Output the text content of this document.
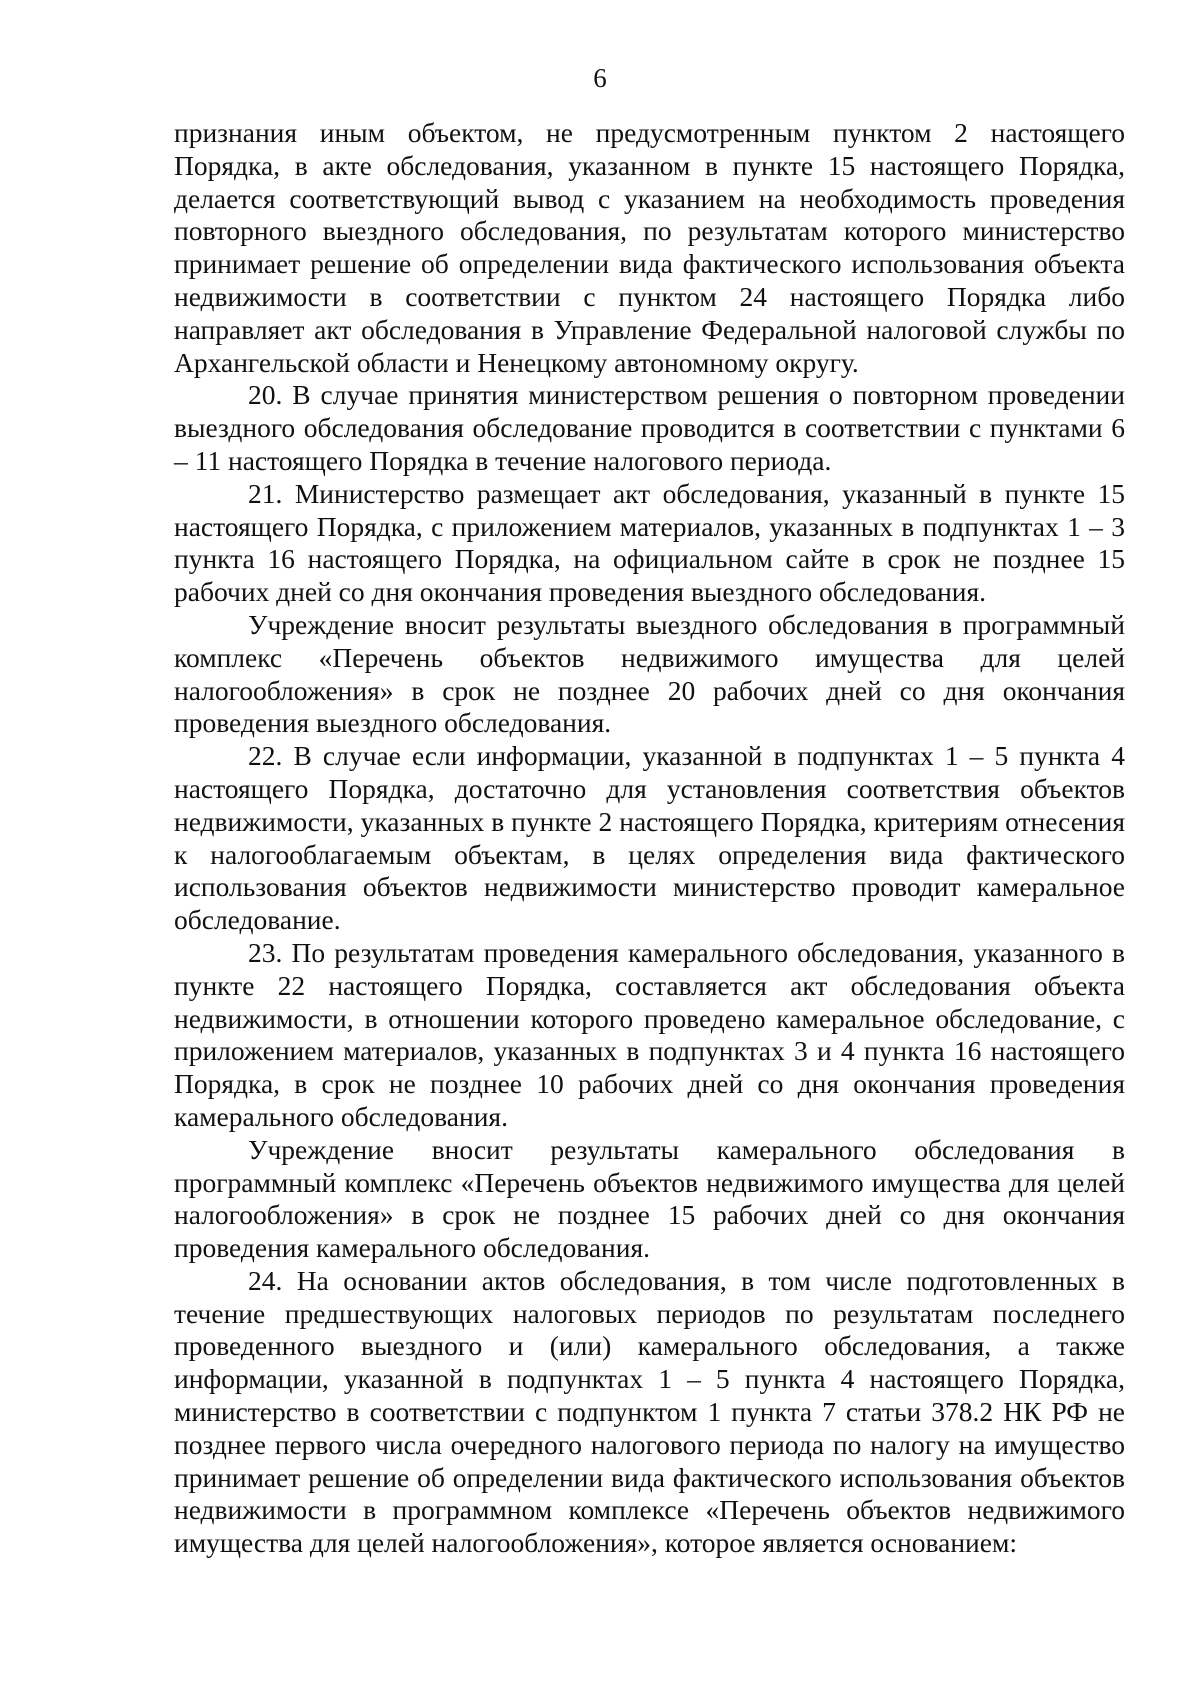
6

признания иным объектом, не предусмотренным пунктом 2 настоящего Порядка, в акте обследования, указанном в пункте 15 настоящего Порядка, делается соответствующий вывод с указанием на необходимость проведения повторного выездного обследования, по результатам которого министерство принимает решение об определении вида фактического использования объекта недвижимости в соответствии с пунктом 24 настоящего Порядка либо направляет акт обследования в Управление Федеральной налоговой службы по Архангельской области и Ненецкому автономному округу.

20. В случае принятия министерством решения о повторном проведении выездного обследования обследование проводится в соответствии с пунктами 6 – 11 настоящего Порядка в течение налогового периода.

21. Министерство размещает акт обследования, указанный в пункте 15 настоящего Порядка, с приложением материалов, указанных в подпунктах 1 – 3 пункта 16 настоящего Порядка, на официальном сайте в срок не позднее 15 рабочих дней со дня окончания проведения выездного обследования.

Учреждение вносит результаты выездного обследования в программный комплекс «Перечень объектов недвижимого имущества для целей налогообложения» в срок не позднее 20 рабочих дней со дня окончания проведения выездного обследования.

22. В случае если информации, указанной в подпунктах 1 – 5 пункта 4 настоящего Порядка, достаточно для установления соответствия объектов недвижимости, указанных в пункте 2 настоящего Порядка, критериям отнесения к налогооблагаемым объектам, в целях определения вида фактического использования объектов недвижимости министерство проводит камеральное обследование.

23. По результатам проведения камерального обследования, указанного в пункте 22 настоящего Порядка, составляется акт обследования объекта недвижимости, в отношении которого проведено камеральное обследование, с приложением материалов, указанных в подпунктах 3 и 4 пункта 16 настоящего Порядка, в срок не позднее 10 рабочих дней со дня окончания проведения камерального обследования.

Учреждение вносит результаты камерального обследования в программный комплекс «Перечень объектов недвижимого имущества для целей налогообложения» в срок не позднее 15 рабочих дней со дня окончания проведения камерального обследования.

24. На основании актов обследования, в том числе подготовленных в течение предшествующих налоговых периодов по результатам последнего проведенного выездного и (или) камерального обследования, а также информации, указанной в подпунктах 1 – 5 пункта 4 настоящего Порядка, министерство в соответствии с подпунктом 1 пункта 7 статьи 378.2 НК РФ не позднее первого числа очередного налогового периода по налогу на имущество принимает решение об определении вида фактического использования объектов недвижимости в программном комплексе «Перечень объектов недвижимого имущества для целей налогообложения», которое является основанием:
